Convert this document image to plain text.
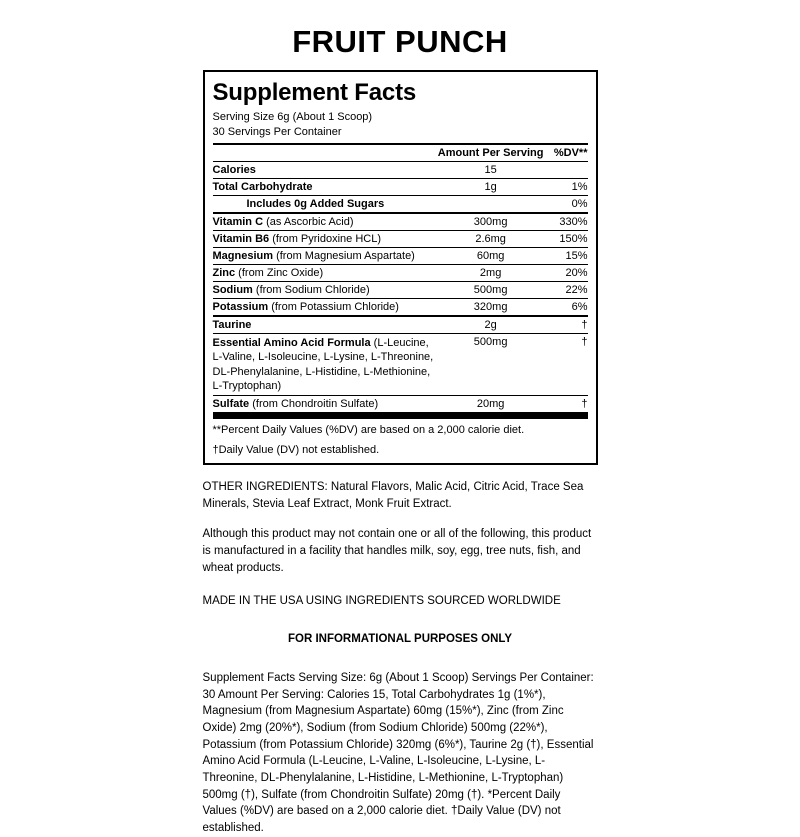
FRUIT PUNCH
Supplement Facts
Serving Size 6g (About 1 Scoop)
30 Servings Per Container
	Amount Per Serving	%DV**
Calories	15	
Total Carbohydrate	1g	1%
Includes 0g Added Sugars		0%
Vitamin C (as Ascorbic Acid)	300mg	330%
Vitamin B6 (from Pyridoxine HCL)	2.6mg	150%
Magnesium (from Magnesium Aspartate)	60mg	15%
Zinc (from Zinc Oxide)	2mg	20%
Sodium (from Sodium Chloride)	500mg	22%
Potassium (from Potassium Chloride)	320mg	6%
Taurine	2g	†
Essential Amino Acid Formula (L-Leucine, L-Valine, L-Isoleucine, L-Lysine, L-Threonine, DL-Phenylalanine, L-Histidine, L-Methionine, L-Tryptophan)	500mg	†
Sulfate (from Chondroitin Sulfate)	20mg	†
**Percent Daily Values (%DV) are based on a 2,000 calorie diet.
†Daily Value (DV) not established.

OTHER INGREDIENTS: Natural Flavors, Malic Acid, Citric Acid, Trace Sea Minerals, Stevia Leaf Extract, Monk Fruit Extract.

Although this product may not contain one or all of the following, this product is manufactured in a facility that handles milk, soy, egg, tree nuts, fish, and wheat products.

MADE IN THE USA USING INGREDIENTS SOURCED WORLDWIDE

FOR INFORMATIONAL PURPOSES ONLY

Supplement Facts Serving Size: 6g (About 1 Scoop) Servings Per Container: 30 Amount Per Serving: Calories 15, Total Carbohydrates 1g (1%*), Magnesium (from Magnesium Aspartate) 60mg (15%*), Zinc (from Zinc Oxide) 2mg (20%*), Sodium (from Sodium Chloride) 500mg (22%*), Potassium (from Potassium Chloride) 320mg (6%*), Taurine 2g (†), Essential Amino Acid Formula (L-Leucine, L-Valine, L-Isoleucine, L-Lysine, L-Threonine, DL-Phenylalanine, L-Histidine, L-Methionine, L-Tryptophan) 500mg (†), Sulfate (from Chondroitin Sulfate) 20mg (†). *Percent Daily Values (%DV) are based on a 2,000 calorie diet. †Daily Value (DV) not established.
